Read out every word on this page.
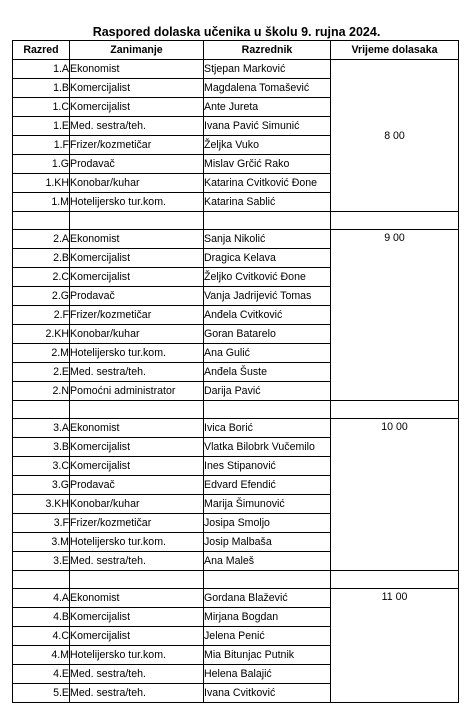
Raspored dolaska učenika u školu 9. rujna 2024.
Razred	Zanimanje	Razrednik	Vrijeme dolasaka
1.A	Ekonomist	Stjepan Marković	8 00
1.B	Komercijalist	Magdalena Tomašević	
1.C	Komercijalist	Ante Jureta	
1.E	Med. sestra/teh.	Ivana Pavić Simunić	
1.F	Frizer/kozmetičar	Željka Vuko	
1.G	Prodavač	Mislav Grčić Rako	
1.KH	Konobar/kuhar	Katarina Cvitković Đone	
1.M	Hotelijersko tur.kom.	Katarina Sablić	

2.A	Ekonomist	Sanja Nikolić	9 00
2.B	Komercijalist	Dragica Kelava	
2.C	Komercijalist	Željko Cvitković Đone	
2.G	Prodavač	Vanja Jadrijević Tomas	
2.F	Frizer/kozmetičar	Anđela Cvitković	
2.KH	Konobar/kuhar	Goran Batarelo	
2.M	Hotelijersko tur.kom.	Ana Gulić	
2.E	Med. sestra/teh.	Anđela Šuste	
2.N	Pomoćni administrator	Darija Pavić	

3.A	Ekonomist	Ivica Borić	10 00
3.B	Komercijalist	Vlatka Bilobrk Vučemilo	
3.C	Komercijalist	Ines Stipanović	
3.G	Prodavač	Edvard Efendić	
3.KH	Konobar/kuhar	Marija Šimunović	
3.F	Frizer/kozmetičar	Josipa Smoljo	
3.M	Hotelijersko tur.kom.	Josip Malbaša	
3.E	Med. sestra/teh.	Ana Maleš	

4.A	Ekonomist	Gordana Blažević	11 00
4.B	Komercijalist	Mirjana Bogdan	
4.C	Komercijalist	Jelena Penić	
4.M	Hotelijersko tur.kom.	Mia Bitunjac Putnik	
4.E	Med. sestra/teh.	Helena Balajić	
5.E	Med. sestra/teh.	Ivana Cvitković	
